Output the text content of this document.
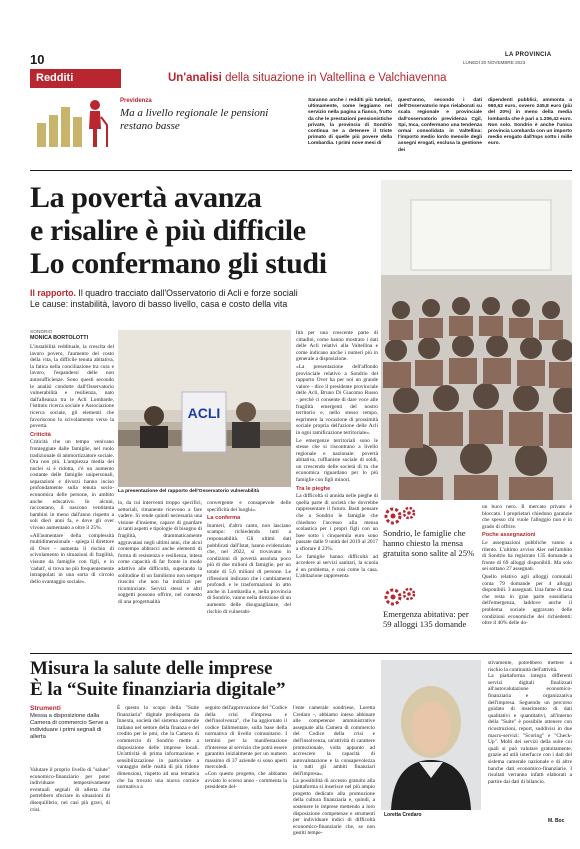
10	LA PROVINCIA
LUNEDÌ 20 NOVEMBRE 2023
Redditi	Un'analisi della situazione in Valtellina e Valchiavenna
Previdenza
Ma a livello regionale le pensioni restano basse
Saranno anche i redditi più tutelati, ultimamente, come leggiamo nel servizio nella pagina a fianco, frutto da che le prestazioni pensionistiche private, la provincia di Sondrio continua ne a detenere il triste primato di quelle più povere della Lombardia. I primi nove mesi di
quest'anno, secondo i dati dell'Osservatorio Inps rielaborati su scala regionale e provinciale dall'osservatorio previdenza Cgil, Spi, Inca, confermano una tendenza ormai consolidata in Valtellina: l'importo medio lordo mensile degli assegni erogati, esclusa la gestione dei
dipendenti pubblici, ammonta a 960,62 euro, ovvero 245,8 euro (più del 20%) in meno della media lombarda che è pari a 1.206,42 euro. Non solo. Sondrio è anche l'unica provincia Lombarda con un importo medio erogato dall'Inps sotto i mille euro.
La povertà avanza
e risalire è più difficile
Lo confermano gli studi
Il rapporto. Il quadro tracciato dall'Osservatorio di Acli e forze sociali
Le cause: instabilità, lavoro di basso livello, casa e costo della vita
SONDRIO
MONICA BORTOLOTTI

L'instabilità reddituale, la crescita del lavoro povero, l'aumento del costo della vita, la difficile tenuta abitativa, la fatica nella conciliazione tra cura e lavoro, l'espandersi delle non autosufficienze. Sono questi secondo le analisi condotte dall'Osservatorio vulnerabilità e resilienza, nato dall'alleanza tra le Acli Lombarde, l'istituto ricerca sociale e Associazione ricerca sociale, gli elementi che favoriscono lo scivolamento verso la povertà.

Criticità

Criticità che un tempo venivano fronteggiate dalle famiglie, nel ruolo tradizionale di ammortizzatore sociale. Ora non più. L'ampiezza media dei nuclei si è ridotta, c'è un aumento costante delle famiglie unipersonali, separazioni e divorzi hanno inciso profondamente sulla tenuta socio-economica delle persone, in ambito anche educativo. In alcuni, raccontano, il nascono ventitanta bambini in meno dall'anno rispetto a soli dieci anni fa, e dove gli over vivono aumentano a oltre il 25%.

«All'aumentare della complessità multidimensionale - spiega il direttore di Over - aumenta il rischio di scivolamento in situazioni di fragilità, vissute da famiglie con figli, e in 'caduti', si trova ne più frequentemente intrappolati in una sorta di circolo dello svantaggio sociale».

ACLI
La presentazione del rapporto dell'Osservatorio vulnerabilità

lo, da cui interventi troppo specifici, settoriali, rimanente ricevono a fare vadere. Si rende quindi necessaria una visione d'insieme, capace di guardare ai tanti aspetti e tipologie di bisogno di fragilità, drammaticamente aggravatasi negli ultimi anni, che alcul contempo abbracci anche elementi di forma di resistenza e resilienza, intesa come capacità di far fronte in modo adattivo alle difficoltà, superando la solitudine di un familismo non sempre riuscito che non ha indirizzi per ricominciare. Servizi stessi e altri soggetti possono offrire, nel contesto di una progettualità

convergente e consapevole delle specificità dei luoghi».

La conferma

Inumeri, d'altro canto, non lasciano scampo: richiedendo tutti a responsabilità. Gli ultimi dati pubblicati dall'Istat, hanno evidenziato che, nel 2022, si trovavano in condizioni di povertà assoluta poco più di due milioni di famiglie, per un totale di 5,6 milioni di persone. Le riflessioni indicano che i cambiamenti profondi e le trasformazioni in atto anche in Lombardia e, nella provincia di Sondrio, vanno nella direzione di un aumento delle disuguaglianze, del rischio di vulnerabi-

lità per una crescente parte di cittadini, come hanno mostrato i dati delle Acli relativi alla Valtellina e come indicano anche i numeri più in generale a disposizione.

«La presentazione dell'affondo provinciale relativo a Sondrio del rapporto Over ha per noi un grande valore - dice il presidente provinciale delle Acli, Bruno Di Giacomo Russo - perché ci consente di dare voce alle fragilità emergenti del nostro territorio e, nello stesso tempo, esprimere la vocazione di prossimità sociale propria dell'azione delle Acli in ogni ramificazione territoriale».

Le emergenze territoriali sono le stesse che si riscontrano a livello regionale e nazionale: povertà abitativa, ruffianiste sociale di soldi, un crescendo delle società di tu che economica riguardano per lo più famiglie con figli minori.

Tra le pieghe

La difficoltà si annida nelle pieghe di quella parte di società che dovrebbe rappresentare il futuro. Basti pensare che a Sondrio le famiglie che chiedono l'accesso alla mensa scolastica per i propri figli con un Isee sotto i cinquemila euro sono passate dalle 9 unità del 2019 al 2017 a sfiorare il 23%.

Le famiglie hanno difficoltà ad accedere ai servizi sanitari, la scuola è un problema, e così come la casa. L'abitazione rappresenta

Sondrio, le famiglie che hanno chiesto la mensa gratuita sono salite al 25%
Emergenza abitativa: per 59 alloggi 135 domande

un buco nero. Il mercato privato è bloccato. I proprietari chiedono garanzie che spesso chi vuole l'alloggio non è in grado di offrire.

Poche assegnazioni

Le assegnazioni pubbliche vanno a rilento. L'ultimo avviso Aler nell'ambito di Sondrio ha registrato 135 domande a fronte di 69 alloggi disponibili. Ma solo sei sottano 27 assegnati.

Quello relativo agli alloggi comunali conta 79 domande per 4 alloggi disponibili. 3 assegnati. Una fame di casa che resta in gran parte sussidiaria dell'emergenza, laddove anche il problema sociale aggravato delle condizioni economiche dei richiedenti: oltre il 40% delle do-

Misura la salute delle imprese
È la “Suite finanziaria digitale”
Strumenti
Messa a disposizione dalla Camera di commercio Serve a individuare i primi segnali di allerta
Valutare il proprio livello di "salute" economico-finanziario per poter individuare tempestivamente eventuali segnali di allerta che potrebbero sfociare in situazioni di disequilibrio, nei casi più gravi, di crisi.
È questo lo scopo della "Suite finanziaria" digitale predisposta da Innexta, società del sistema camerale italiano nel settore della finanza e del credito per le pmi, che la Camera di commercio di Sondrio mette a disposizione delle imprese locali. Un'attività di prima informazione e sensibilizzazione in particolare a vantaggio delle realtà di più ridotte dimensioni, rispetto ad una tematica che ha trovato una nuova cornice normativa a
seguito dell'approvazione del "Codice della crisi d'impresa e dell'insolvenza", che ha aggiornato il codice fallimentare, sulla base della normativa di livello comunitario. I termini per la manifestazione d'interesse al servizio che potrà essere garantito inizialmente per un numero massimo di 37 aziende si sono aperti mercoledì.
«Con questo progetto, che abbiamo avviato lo scorso anno - commenta la presidente del-
l'ente camerale sondriese, Loretta Credaro -, abbiamo inteso abbinare alle competenze amministrative assegnate alla Camera di commercio del Codice della crisi e dell'insolvenza, un'attività di carattere promozionale, volta appunto ad accrescere la capacità di autovalutazione e la consapevolezza in tutti gli ambiti finanziari dell'impresa».
La possibilità di accesso gratuito alla piattaforma si inserisce nel più ampio progetto dedicato alla promozione della cultura finanziaria e, quindi, a sostenere le imprese mettendo a loro disposizione competenze e strumenti per individuare indici di difficoltà economico-finanziarie che, se non gestiti tempe-
Loretta Credaro
stivamente, potrebbero mettere a rischio la continuità dell'attività.
La piattaforma integra differenti servizi digitali finalizzati all'autovalutazione economico-finanziaria e organizzativa dell'impresa. Seguendo un percorso guidato di inserimento di dati qualitativi e quantitativi, all'interno della "Suite" è possibile ottenere con ricostruzioni, report, suddivisi in due macro-servizi: "Scoring" e "Check-Up". Molti dei servizi della suite coi quali si può valutare gratuitamente, grazie ad utili interfacce con i dati del sistema camerale nazionale e di altre banche dati economico-finanziarie. I risultati verranno infatti elaborati a partire dai dati di bilancio.
M. Boc
